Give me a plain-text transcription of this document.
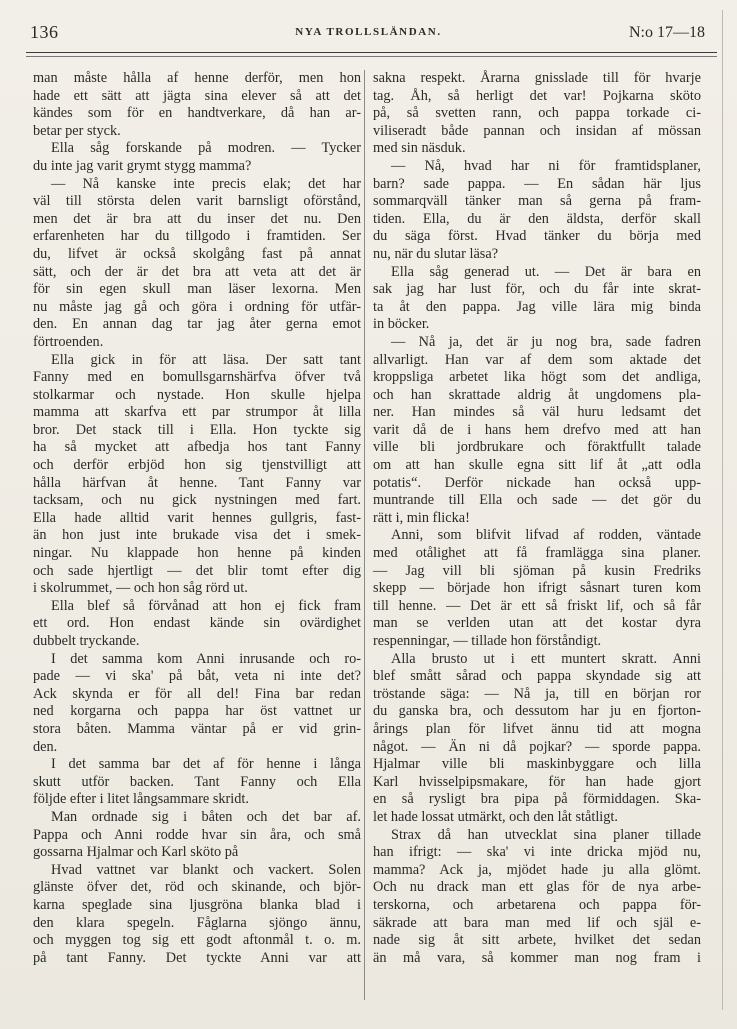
136	NYA TROLLSLÄNDAN.	N:o 17—18
man måste hålla af henne derför, men hon
hade ett sätt att jägta sina elever så att det
kändes som för en handtverkare, då han ar-
betar per styck.
Ella såg forskande på modren. — Tycker
du inte jag varit grymt stygg mamma?
— Nå kanske inte precis elak; det har
väl till största delen varit barnsligt oförstånd,
men det är bra att du inser det nu. Den
erfarenheten har du tillgodo i framtiden. Ser
du, lifvet är också skolgång fast på annat
sätt, och der är det bra att veta att det är
för sin egen skull man läser lexorna. Men
nu måste jag gå och göra i ordning för utfär-
den. En annan dag tar jag åter gerna emot
förtroenden.
Ella gick in för att läsa. Der satt tant
Fanny med en bomullsgarnshärfva öfver två
stolkarmar och nystade. Hon skulle hjelpa
mamma att skarfva ett par strumpor åt lilla
bror. Det stack till i Ella. Hon tyckte sig
ha så mycket att afbedja hos tant Fanny
och derför erbjöd hon sig tjenstvilligt att
hålla härfvan åt henne. Tant Fanny var
tacksam, och nu gick nystningen med fart.
Ella hade alltid varit hennes gullgris, fast-
än hon just inte brukade visa det i smek-
ningar. Nu klappade hon henne på kinden
och sade hjertligt — det blir tomt efter dig
i skolrummet, — och hon såg rörd ut.
Ella blef så förvånad att hon ej fick fram
ett ord. Hon endast kände sin ovärdighet
dubbelt tryckande.
I det samma kom Anni inrusande och ro-
pade — vi ska' på båt, veta ni inte det?
Ack skynda er för all del! Fina bar redan
ned korgarna och pappa har öst vattnet ur
stora båten. Mamma väntar på er vid grin-
den.
I det samma bar det af för henne i långa
skutt utför backen. Tant Fanny och Ella
följde efter i litet långsammare skridt.
Man ordnade sig i båten och det bar af.
Pappa och Anni rodde hvar sin åra, och små
gossarna Hjalmar och Karl sköto på
Hvad vattnet var blankt och vackert. Solen
glänste öfver det, röd och skinande, och björ-
karna speglade sina ljusgröna blanka blad i
den klara spegeln. Fåglarna sjöngo ännu,
och myggen tog sig ett godt aftonmål t. o. m.
på tant Fanny. Det tyckte Anni var att
sakna respekt. Årarna gnisslade till för hvarje
tag. Åh, så herligt det var! Pojkarna sköto
på, så svetten rann, och pappa torkade ci-
viliseradt både pannan och insidan af mössan
med sin näsduk.
— Nå, hvad har ni för framtidsplaner,
barn? sade pappa. — En sådan här ljus
sommarqväll tänker man så gerna på fram-
tiden. Ella, du är den äldsta, derför skall
du säga först. Hvad tänker du börja med
nu, när du slutar läsa?
Ella såg generad ut. — Det är bara en
sak jag har lust för, och du får inte skrat-
ta åt den pappa. Jag ville lära mig binda
in böcker.
— Nå ja, det är ju nog bra, sade fadren
allvarligt. Han var af dem som aktade det
kroppsliga arbetet lika högt som det andliga,
och han skrattade aldrig åt ungdomens pla-
ner. Han mindes så väl huru ledsamt det
varit då de i hans hem drefvo med att han
ville bli jordbrukare och föraktfullt talade
om att han skulle egna sitt lif åt „att odla
potatis“. Derför nickade han också upp-
muntrande till Ella och sade — det gör du
rätt i, min flicka!
Anni, som blifvit lifvad af rodden, väntade
med otålighet att få framlägga sina planer.
— Jag vill bli sjöman på kusin Fredriks
skepp — började hon ifrigt såsnart turen kom
till henne. — Det är ett så friskt lif, och så får
man se verlden utan att det kostar dyra
respenningar, — tillade hon förståndigt.
Alla brusto ut i ett muntert skratt. Anni
blef smått sårad och pappa skyndade sig att
tröstande säga: — Nå ja, till en början ror
du ganska bra, och dessutom har ju en fjorton-
årings plan för lifvet ännu tid att mogna
något. — Än ni då pojkar? — sporde pappa.
Hjalmar ville bli maskinbyggare och lilla
Karl hvisselpipsmakare, för han hade gjort
en så rysligt bra pipa på förmiddagen. Ska-
let hade lossat utmärkt, och den låt ståtligt.
Strax då han utvecklat sina planer tillade
han ifrigt: — ska' vi inte dricka mjöd nu,
mamma? Ack ja, mjödet hade ju alla glömt.
Och nu drack man ett glas för de nya arbe-
terskorna, och arbetarena och pappa för-
säkrade att bara man med lif och själ e-
nade sig åt sitt arbete, hvilket det sedan
än må vara, så kommer man nog fram i
